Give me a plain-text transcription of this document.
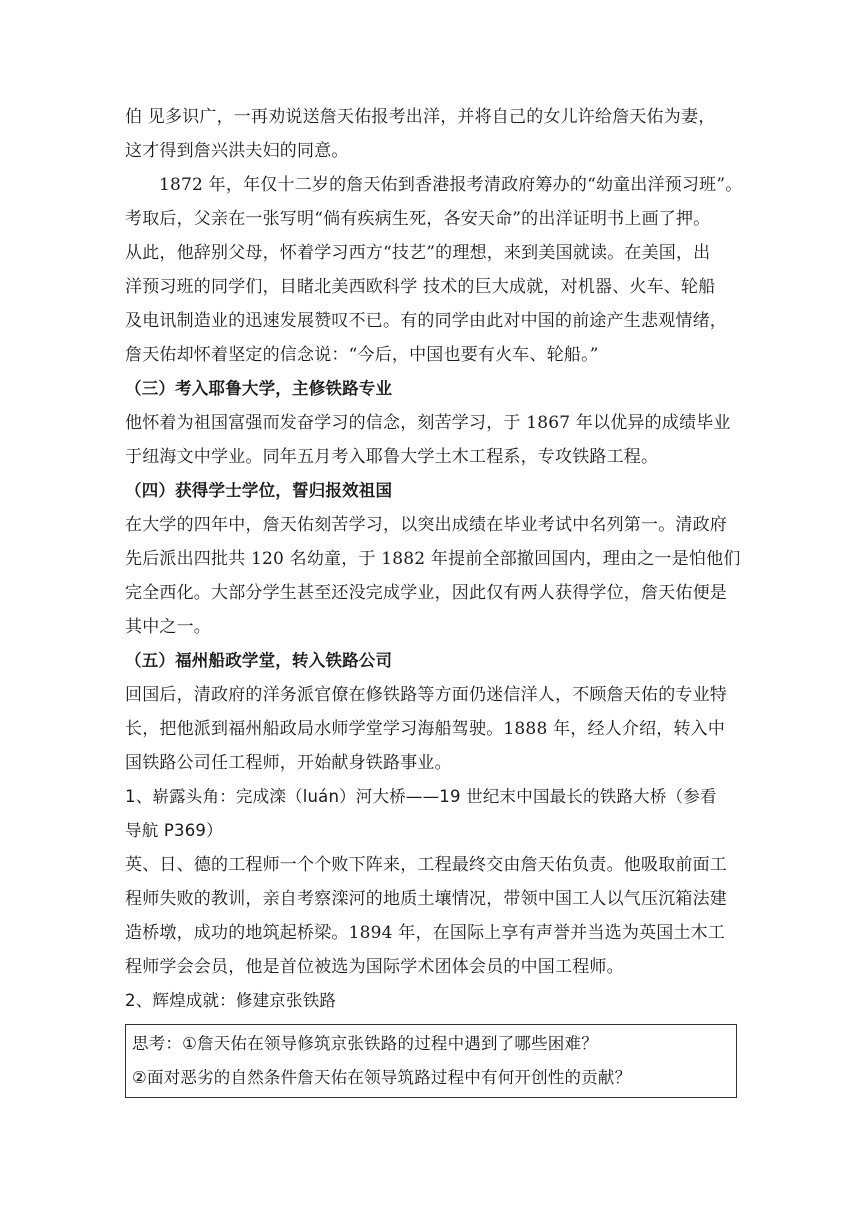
伯 见多识广，一再劝说送詹天佑报考出洋，并将自己的女儿许给詹天佑为妻，
这才得到詹兴洪夫妇的同意。
1872 年，年仅十二岁的詹天佑到香港报考清政府筹办的“幼童出洋预习班”。
考取后，父亲在一张写明“倘有疾病生死，各安天命”的出洋证明书上画了押。
从此，他辞别父母，怀着学习西方“技艺”的理想，来到美国就读。在美国，出
洋预习班的同学们，目睹北美西欧科学 技术的巨大成就，对机器、火车、轮船
及电讯制造业的迅速发展赞叹不已。有的同学由此对中国的前途产生悲观情绪，
詹天佑却怀着坚定的信念说：“今后，中国也要有火车、轮船。”
（三）考入耶鲁大学，主修铁路专业
他怀着为祖国富强而发奋学习的信念，刻苦学习，于 1867 年以优异的成绩毕业
于纽海文中学业。同年五月考入耶鲁大学土木工程系，专攻铁路工程。
（四）获得学士学位，誓归报效祖国
在大学的四年中，詹天佑刻苦学习，以突出成绩在毕业考试中名列第一。清政府
先后派出四批共 120 名幼童，于 1882 年提前全部撤回国内，理由之一是怕他们
完全西化。大部分学生甚至还没完成学业，因此仅有两人获得学位，詹天佑便是
其中之一。
（五）福州船政学堂，转入铁路公司
回国后，清政府的洋务派官僚在修铁路等方面仍迷信洋人，不顾詹天佑的专业特
长，把他派到福州船政局水师学堂学习海船驾驶。1888 年，经人介绍，转入中
国铁路公司任工程师，开始献身铁路事业。
1、崭露头角：完成滦（luán）河大桥——19 世纪末中国最长的铁路大桥（参看
导航 P369）
英、日、德的工程师一个个败下阵来，工程最终交由詹天佑负责。他吸取前面工
程师失败的教训，亲自考察滦河的地质土壤情况，带领中国工人以气压沉箱法建
造桥墩，成功的地筑起桥梁。1894 年，在国际上享有声誉并当选为英国土木工
程师学会会员，他是首位被选为国际学术团体会员的中国工程师。
2、辉煌成就：修建京张铁路
思考：①詹天佑在领导修筑京张铁路的过程中遇到了哪些困难？
②面对恶劣的自然条件詹天佑在领导筑路过程中有何开创性的贡献？
